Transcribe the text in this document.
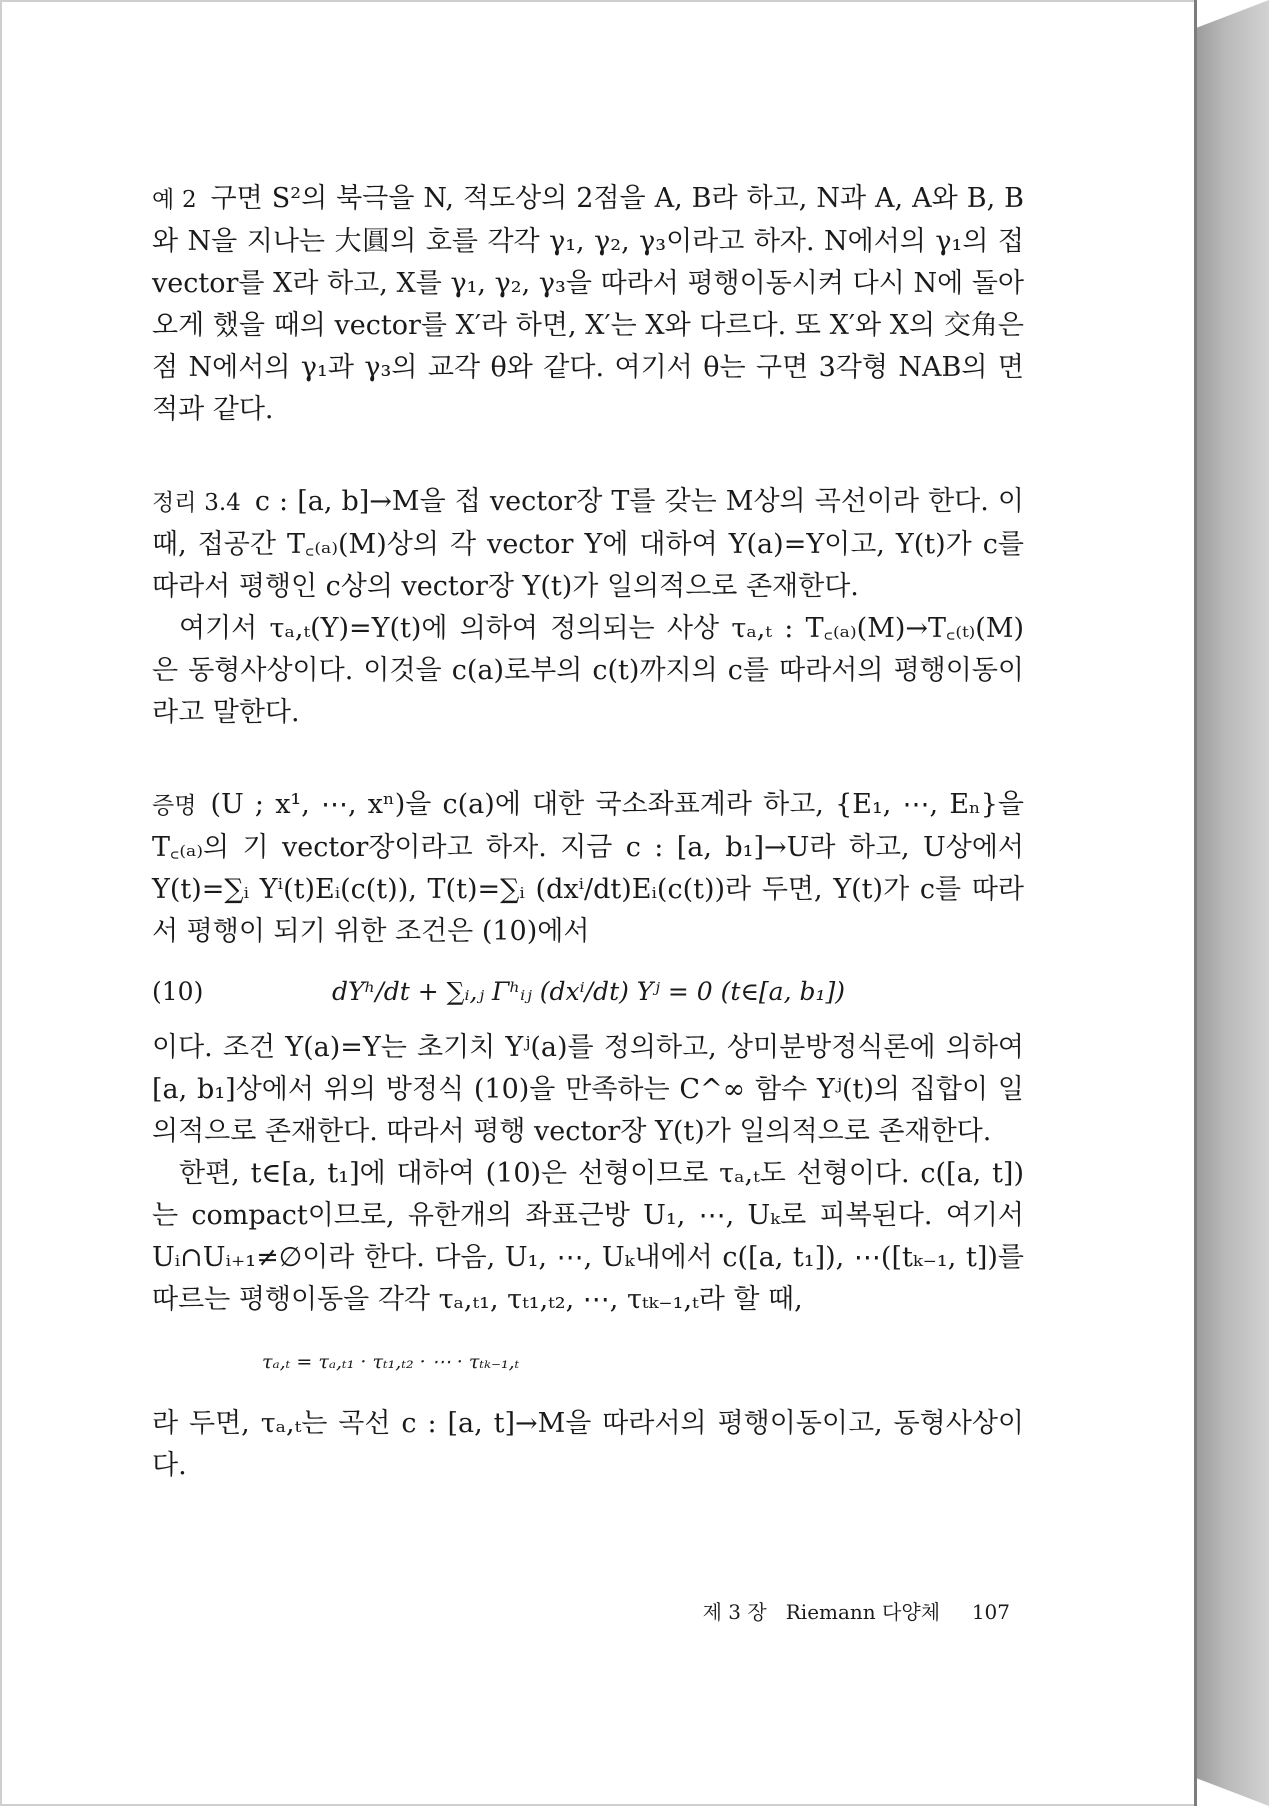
예 2 구면 S²의 북극을 N, 적도상의 2점을 A, B라 하고, N과 A, A와 B, B와 N을 지나는 大圓의 호를 각각 γ₁, γ₂, γ₃이라고 하자. N에서의 γ₁의 접 vector를 X라 하고, X를 γ₁, γ₂, γ₃을 따라서 평행이동시켜 다시 N에 돌아오게 했을 때의 vector를 X′라 하면, X′는 X와 다르다. 또 X′와 X의 交角은 점 N에서의 γ₁과 γ₃의 교각 θ와 같다. 여기서 θ는 구면 3각형 NAB의 면적과 같다.

정리 3.4 c : [a, b]→M을 접 vector장 T를 갖는 M상의 곡선이라 한다. 이때, 접공간 T꜀₍ₐ₎(M)상의 각 vector Y에 대하여 Y(a)=Y이고, Y(t)가 c를 따라서 평행인 c상의 vector장 Y(t)가 일의적으로 존재한다.

여기서 τₐ,ₜ(Y)=Y(t)에 의하여 정의되는 사상 τₐ,ₜ : T꜀₍ₐ₎(M)→T꜀₍ₜ₎(M)은 동형사상이다. 이것을 c(a)로부의 c(t)까지의 c를 따라서의 평행이동이라고 말한다.

증명 (U ; x¹, ⋯, xⁿ)을 c(a)에 대한 국소좌표계라 하고, {E₁, ⋯, Eₙ}을 T꜀₍ₐ₎의 기 vector장이라고 하자. 지금 c : [a, b₁]→U라 하고, U상에서 Y(t)=∑ᵢ Yⁱ(t)Eᵢ(c(t)), T(t)=∑ᵢ (dxⁱ/dt)Eᵢ(c(t))라 두면, Y(t)가 c를 따라서 평행이 되기 위한 조건은 (10)에서

(10)	dYʰ/dt + ∑ᵢ,ⱼ Γʰᵢⱼ (dxⁱ/dt) Yʲ = 0 (t∈[a, b₁])

이다. 조건 Y(a)=Y는 초기치 Yʲ(a)를 정의하고, 상미분방정식론에 의하여 [a, b₁]상에서 위의 방정식 (10)을 만족하는 C^∞ 함수 Yʲ(t)의 집합이 일의적으로 존재한다. 따라서 평행 vector장 Y(t)가 일의적으로 존재한다.

한편, t∈[a, t₁]에 대하여 (10)은 선형이므로 τₐ,ₜ도 선형이다. c([a, t])는 compact이므로, 유한개의 좌표근방 U₁, ⋯, Uₖ로 피복된다. 여기서 Uᵢ∩Uᵢ₊₁≠∅이라 한다. 다음, U₁, ⋯, Uₖ내에서 c([a, t₁]), ⋯([tₖ₋₁, t])를 따르는 평행이동을 각각 τₐ,ₜ₁, τₜ₁,ₜ₂, ⋯, τₜₖ₋₁,ₜ라 할 때,

τₐ,ₜ = τₐ,ₜ₁ · τₜ₁,ₜ₂ · ⋯ · τₜₖ₋₁,ₜ

라 두면, τₐ,ₜ는 곡선 c : [a, t]→M을 따라서의 평행이동이고, 동형사상이다.

제 3 장 Riemann 다양체 107
